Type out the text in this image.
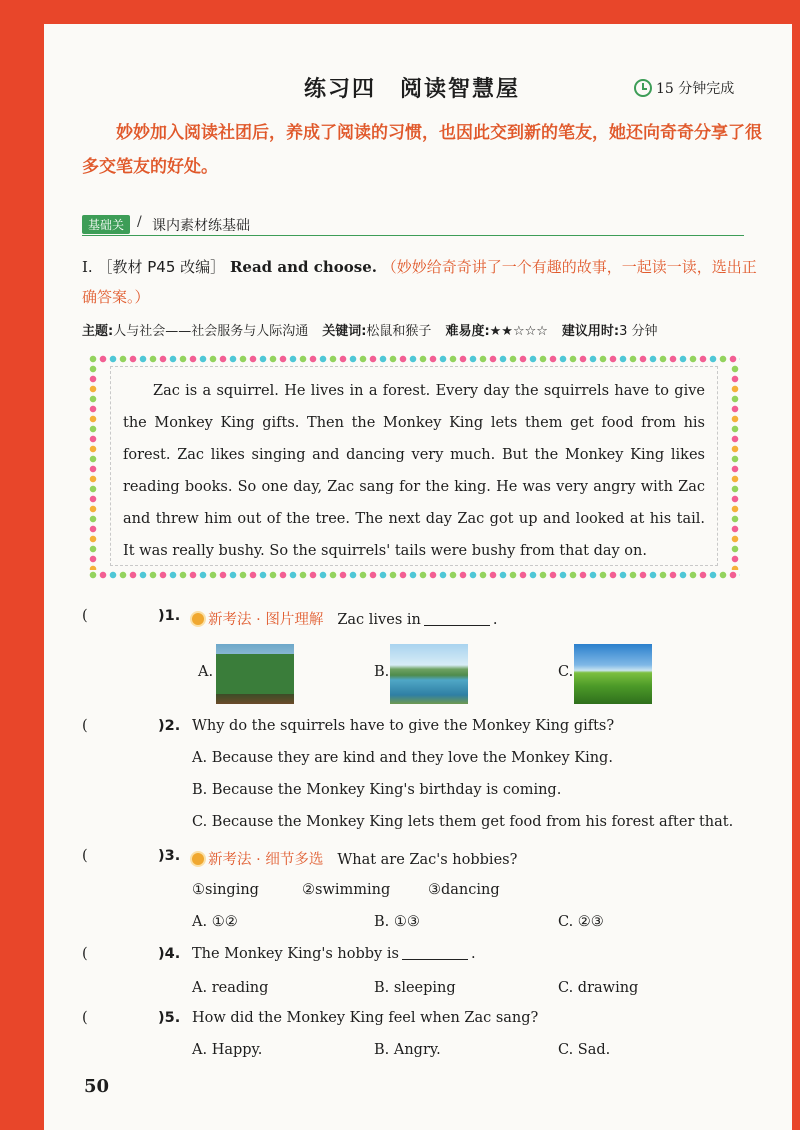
练习四　阅读智慧屋	15 分钟完成
妙妙加入阅读社团后，养成了阅读的习惯，也因此交到新的笔友，她还向奇奇分享了很多交笔友的好处。
基础关 / 课内素材练基础
Ⅰ. ［教材 P45 改编］ Read and choose. （妙妙给奇奇讲了一个有趣的故事，一起读一读，选出正确答案。）
主题:人与社会——社会服务与人际沟通 关键词:松鼠和猴子 难易度:★★☆☆☆ 建议用时:3 分钟

Zac is a squirrel. He lives in a forest. Every day the squirrels have to give the Monkey King gifts. Then the Monkey King lets them get food from his forest. Zac likes singing and dancing very much. But the Monkey King likes reading books. So one day, Zac sang for the king. He was very angry with Zac and threw him out of the tree. The next day Zac got up and looked at his tail. It was really bushy. So the squirrels' tails were bushy from that day on.

(	)1.	新考法 · 图片理解 Zac lives in	.
A.	B.	C.
(	)2. Why do the squirrels have to give the Monkey King gifts?
A. Because they are kind and they love the Monkey King.
B. Because the Monkey King's birthday is coming.
C. Because the Monkey King lets them get food from his forest after that.
(	)3.	新考法 · 细节多选 What are Zac's hobbies?
①singing	②swimming	③dancing
A. ①②	B. ①③	C. ②③
(	)4. The Monkey King's hobby is	.
A. reading	B. sleeping	C. drawing
(	)5. How did the Monkey King feel when Zac sang?
A. Happy.	B. Angry.	C. Sad.
50
